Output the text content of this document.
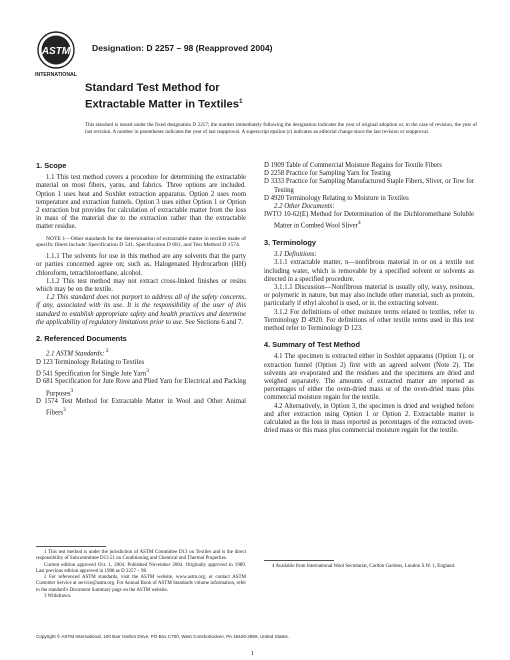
ASTM
INTERNATIONAL
Designation: D 2257 – 98 (Reapproved 2004)
Standard Test Method for
Extractable Matter in Textiles$^1$
This standard is issued under the fixed designation D 2257; the number immediately following the designation indicates the year of original adoption or, in the case of revision, the year of last revision. A number in parentheses indicates the year of last reapproval. A superscript epsilon (ε) indicates an editorial change since the last revision or reapproval.
1. Scope

1.1 This test method covers a procedure for determining the extractable material on most fibers, yarns, and fabrics. Three options are included. Option 1 uses heat and Soxhlet extraction apparatus. Option 2 uses room temperature and extraction funnels. Option 3 uses either Option 1 or Option 2 extraction but provides for calculation of extractable matter from the loss in mass of the material due to the extraction rather than the extractable matter residue.

NOTE 1—Other standards for the determination of extractable matter in textiles made of specific fibers include: Specification D 541, Specification D 681, and Test Method D 1574.

1.1.1 The solvents for use in this method are any solvents that the party or parties concerned agree on; such as, Halogenated Hydrocarbon (HH) chloroform, tetrachloroethane, alcohol.

1.1.2 This test method may not extract cross-linked finishes or resins which may be on the textile.

1.2 This standard does not purport to address all of the safety concerns, if any, associated with its use. It is the responsibility of the user of this standard to establish appropriate safety and health practices and determine the applicability of regulatory limitations prior to use. See Sections 6 and 7.

2. Referenced Documents

2.1 ASTM Standards: $^2$

D 123 Terminology Relating to Textiles

D 541 Specification for Single Jute Yarn$^3$

D 681 Specification for Jute Rove and Plied Yarn for Electrical and Packing Purposes$^3$

D 1574 Test Method for Extractable Matter in Wool and Other Animal Fibers$^3$

1 This test method is under the jurisdiction of ASTM Committee D13 on Textiles and is the direct responsibility of Subcommittee D13.51 on Conditioning and Chemical and Thermal Properties.

Current edition approved Oct. 1, 2004. Published November 2004. Originally approved in 1989. Last previous edition approved in 1998 as D 2257 – 98.

2 For referenced ASTM standards, visit the ASTM website, www.astm.org, or contact ASTM Customer Service at service@astm.org. For Annual Book of ASTM Standards volume information, refer to the standard's Document Summary page on the ASTM website.

3 Withdrawn.

D 1909 Table of Commercial Moisture Regains for Textile Fibers

D 2258 Practice for Sampling Yarn for Testing

D 3333 Practice for Sampling Manufactured Staple Fibers, Sliver, or Tow for Testing

D 4920 Terminology Relating to Moisture in Textiles

2.2 Other Documents:

IWTO 10-62(E) Method for Determination of the Dichloromethane Soluble Matter in Combed Wool Sliver$^4$

3. Terminology

3.1 Definitions:

3.1.1 extractable matter, n—nonfibrous material in or on a textile not including water, which is removable by a specified solvent or solvents as directed in a specified procedure.

3.1.1.1 Discussion—Nonfibrous material is usually oily, waxy, resinous, or polymeric in nature, but may also include other material, such as protein, particularly if ethyl alcohol is used, or in. the extracting solvent.

3.1.2 For definitions of other moisture terms related to textiles, refer to Terminology D 4920. For definitions of other textile terms used in this test method refer to Terminology D 123.

4. Summary of Test Method

4.1 The specimen is extracted either in Soxhlet apparatus (Option 1), or extraction funnel (Option 2) first with an agreed solvent (Note 2). The solvents are evaporated and the residues and the specimens are dried and weighed separately. The amounts of extracted matter are reported as percentages of either the oven-dried mass or of the oven-dried mass plus commercial moisture regain for the textile.

4.2 Alternatively, in Option 3, the specimen is dried and weighed before and after extraction using Option 1 or Option 2. Extractable matter is calculated as the loss in mass reported as percentages of the extracted oven-dried mass or this mass plus commercial moisture regain for the textile.

4 Available from International Wool Secretariat, Carlton Gardens, London S.W. 1, England.

Copyright © ASTM International, 100 Barr Harbor Drive, PO Box C700, West Conshohocken, PA 19428-2959, United States.
1
